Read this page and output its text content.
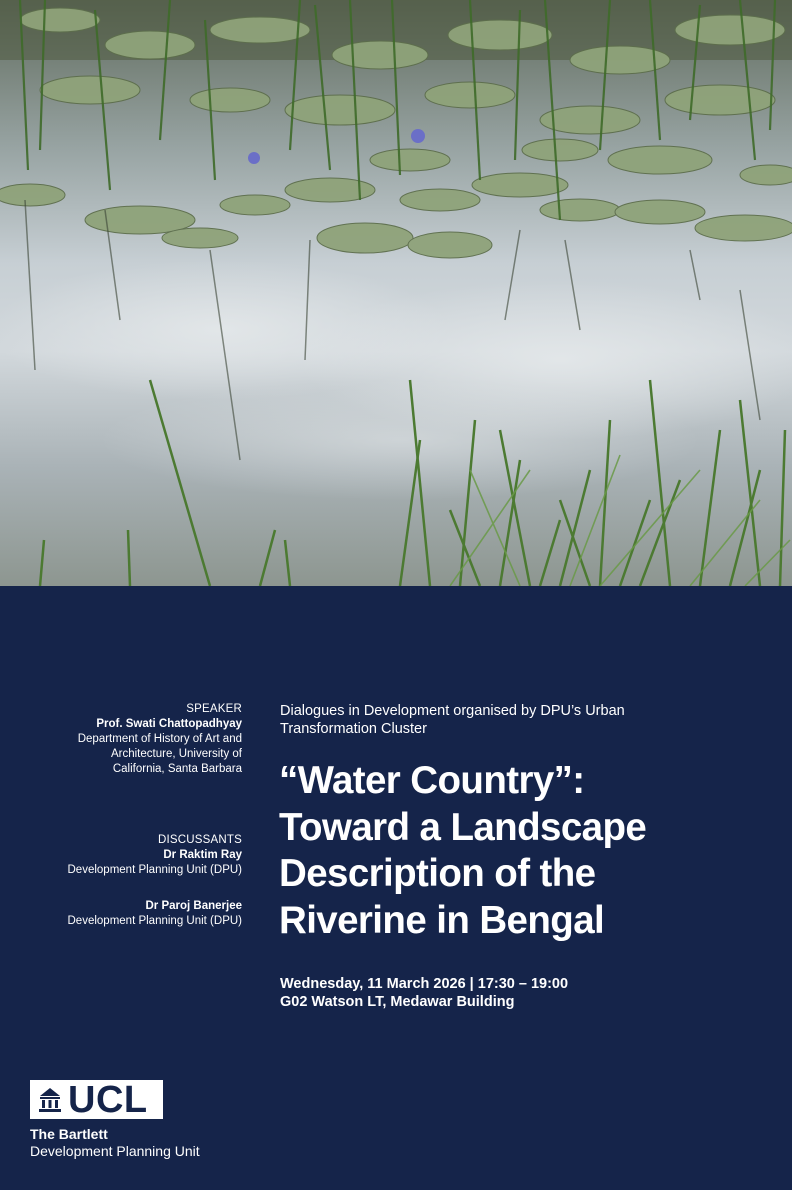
SPEAKER
Prof. Swati Chattopadhyay
Department of History of Art and
Architecture, University of
California, Santa Barbara
DISCUSSANTS
Dr Raktim Ray
Development Planning Unit (DPU)
Dr Paroj Banerjee
Development Planning Unit (DPU)
Dialogues in Development organised by DPU’s Urban
Transformation Cluster
“Water Country”:
Toward a Landscape
Description of the
Riverine in Bengal
Wednesday, 11 March 2026 | 17:30 – 19:00
G02 Watson LT, Medawar Building
UCL
The Bartlett
Development Planning Unit
